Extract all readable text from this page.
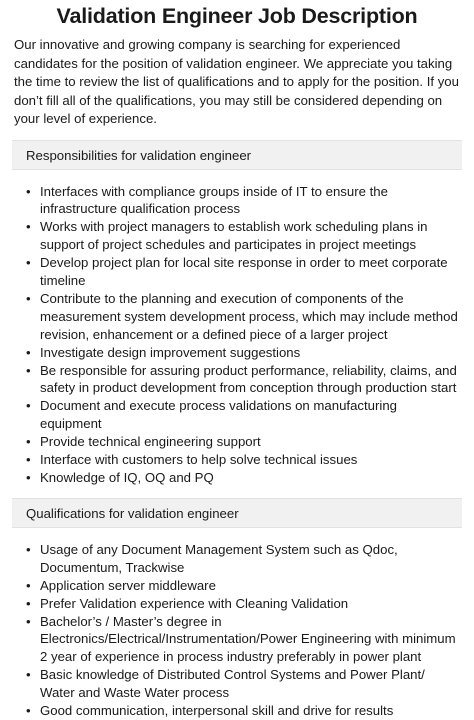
Validation Engineer Job Description

Our innovative and growing company is searching for experienced candidates for the position of validation engineer. We appreciate you taking the time to review the list of qualifications and to apply for the position. If you don’t fill all of the qualifications, you may still be considered depending on your level of experience.

Responsibilities for validation engineer
• Interfaces with compliance groups inside of IT to ensure the infrastructure qualification process
• Works with project managers to establish work scheduling plans in support of project schedules and participates in project meetings
• Develop project plan for local site response in order to meet corporate timeline
• Contribute to the planning and execution of components of the measurement system development process, which may include method revision, enhancement or a defined piece of a larger project
• Investigate design improvement suggestions
• Be responsible for assuring product performance, reliability, claims, and safety in product development from conception through production start
• Document and execute process validations on manufacturing equipment
• Provide technical engineering support
• Interface with customers to help solve technical issues
• Knowledge of IQ, OQ and PQ
Qualifications for validation engineer
• Usage of any Document Management System such as Qdoc, Documentum, Trackwise
• Application server middleware
• Prefer Validation experience with Cleaning Validation
• Bachelor’s / Master’s degree in Electronics/Electrical/Instrumentation/Power Engineering with minimum 2 year of experience in process industry preferably in power plant
• Basic knowledge of Distributed Control Systems and Power Plant/ Water and Waste Water process
• Good communication, interpersonal skill and drive for results
